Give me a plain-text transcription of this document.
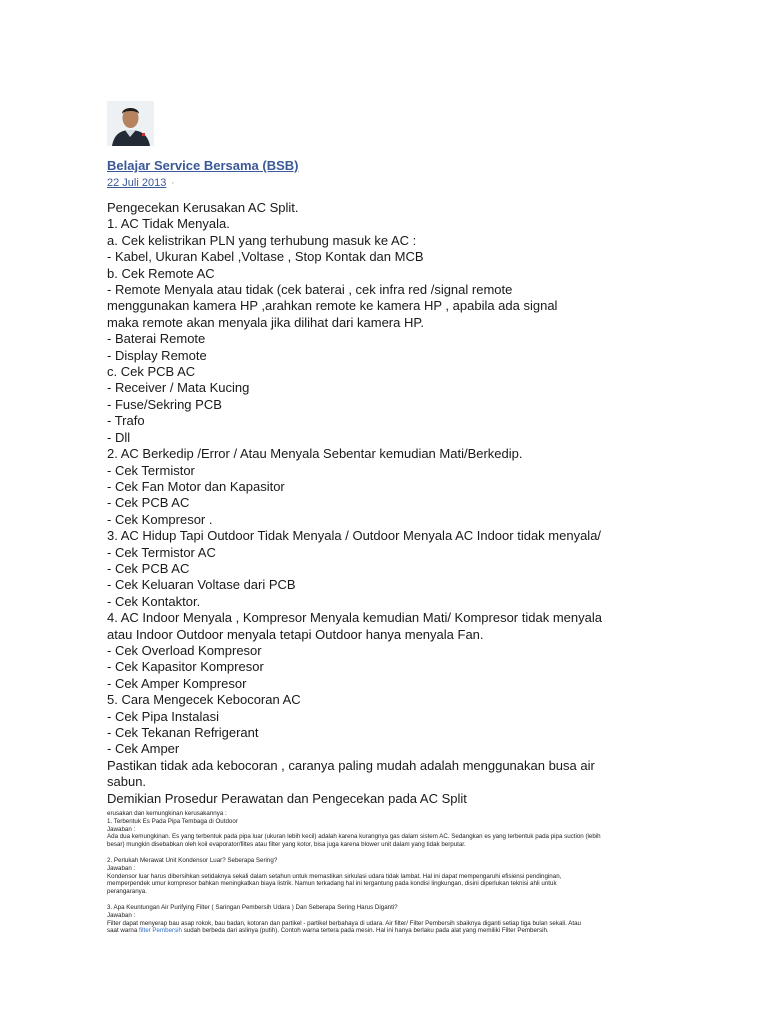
Belajar Service Bersama (BSB)
22 Juli 2013 ·
Pengecekan Kerusakan AC Split.
1. AC Tidak Menyala.
a. Cek kelistrikan PLN yang terhubung masuk ke AC :
- Kabel, Ukuran Kabel ,Voltase , Stop Kontak dan MCB
b. Cek Remote AC
- Remote Menyala atau tidak (cek baterai , cek infra red /signal remote
menggunakan kamera HP ,arahkan remote ke kamera HP , apabila ada signal
maka remote akan menyala jika dilihat dari kamera HP.
- Baterai Remote
- Display Remote
c. Cek PCB AC
- Receiver / Mata Kucing
- Fuse/Sekring PCB
- Trafo
- Dll
2. AC Berkedip /Error / Atau Menyala Sebentar kemudian Mati/Berkedip.
- Cek Termistor
- Cek Fan Motor dan Kapasitor
- Cek PCB AC
- Cek Kompresor .
3. AC Hidup Tapi Outdoor Tidak Menyala / Outdoor Menyala AC Indoor tidak menyala/
- Cek Termistor AC
- Cek PCB AC
- Cek Keluaran Voltase dari PCB
- Cek Kontaktor.
4. AC Indoor Menyala , Kompresor Menyala kemudian Mati/ Kompresor tidak menyala
atau Indoor Outdoor menyala tetapi Outdoor hanya menyala Fan.
- Cek Overload Kompresor
- Cek Kapasitor Kompresor
- Cek Amper Kompresor
5. Cara Mengecek Kebocoran AC
- Cek Pipa Instalasi
- Cek Tekanan Refrigerant
- Cek Amper
Pastikan tidak ada kebocoran , caranya paling mudah adalah menggunakan busa air
sabun.
Demikian Prosedur Perawatan dan Pengecekan pada AC Split

erusakan dan kemungkinan kerusakannya :

1. Terbentuk Es Pada Pipa Tembaga di Outdoor

Jawaban :

Ada dua kemungkinan. Es yang terbentuk pada pipa luar (ukuran lebih kecil) adalah karena kurangnya gas dalam sistem AC. Sedangkan es yang terbentuk pada pipa suction (lebih

besar) mungkin disebabkan oleh koil evaporator/filtes atau filter yang kotor, bisa juga karena blower unit dalam yang tidak berputar.

2. Perlukah Merawat Unit Kondensor Luar? Seberapa Sering?

Jawaban :

Kondensor luar harus dibersihkan setidaknya sekali dalam setahun untuk memastikan sirkulasi udara tidak lambat. Hal ini dapat mempengaruhi efisiensi pendinginan,

memperpendek umur kompresor bahkan meningkatkan biaya listrik. Namun terkadang hal ini tergantung pada kondisi lingkungan, disini diperlukan teknisi ahli untuk

perangaranya.

3. Apa Keuntungan Air Purifying Filter ( Saringan Pembersih Udara ) Dan Seberapa Sering Harus Diganti?

Jawaban :

Filter dapat menyerap bau asap rokok, bau badan, kotoran dan partikel - partikel berbahaya di udara. Air filter/ Filter Pembersih sbaiknya diganti setiap tiga bulan sekali. Atau

saat warna filter Pembersih sudah berbeda dari aslinya (putih). Contoh warna tertera pada mesin. Hal ini hanya berlaku pada alat yang memiliki Filter Pembersih.
